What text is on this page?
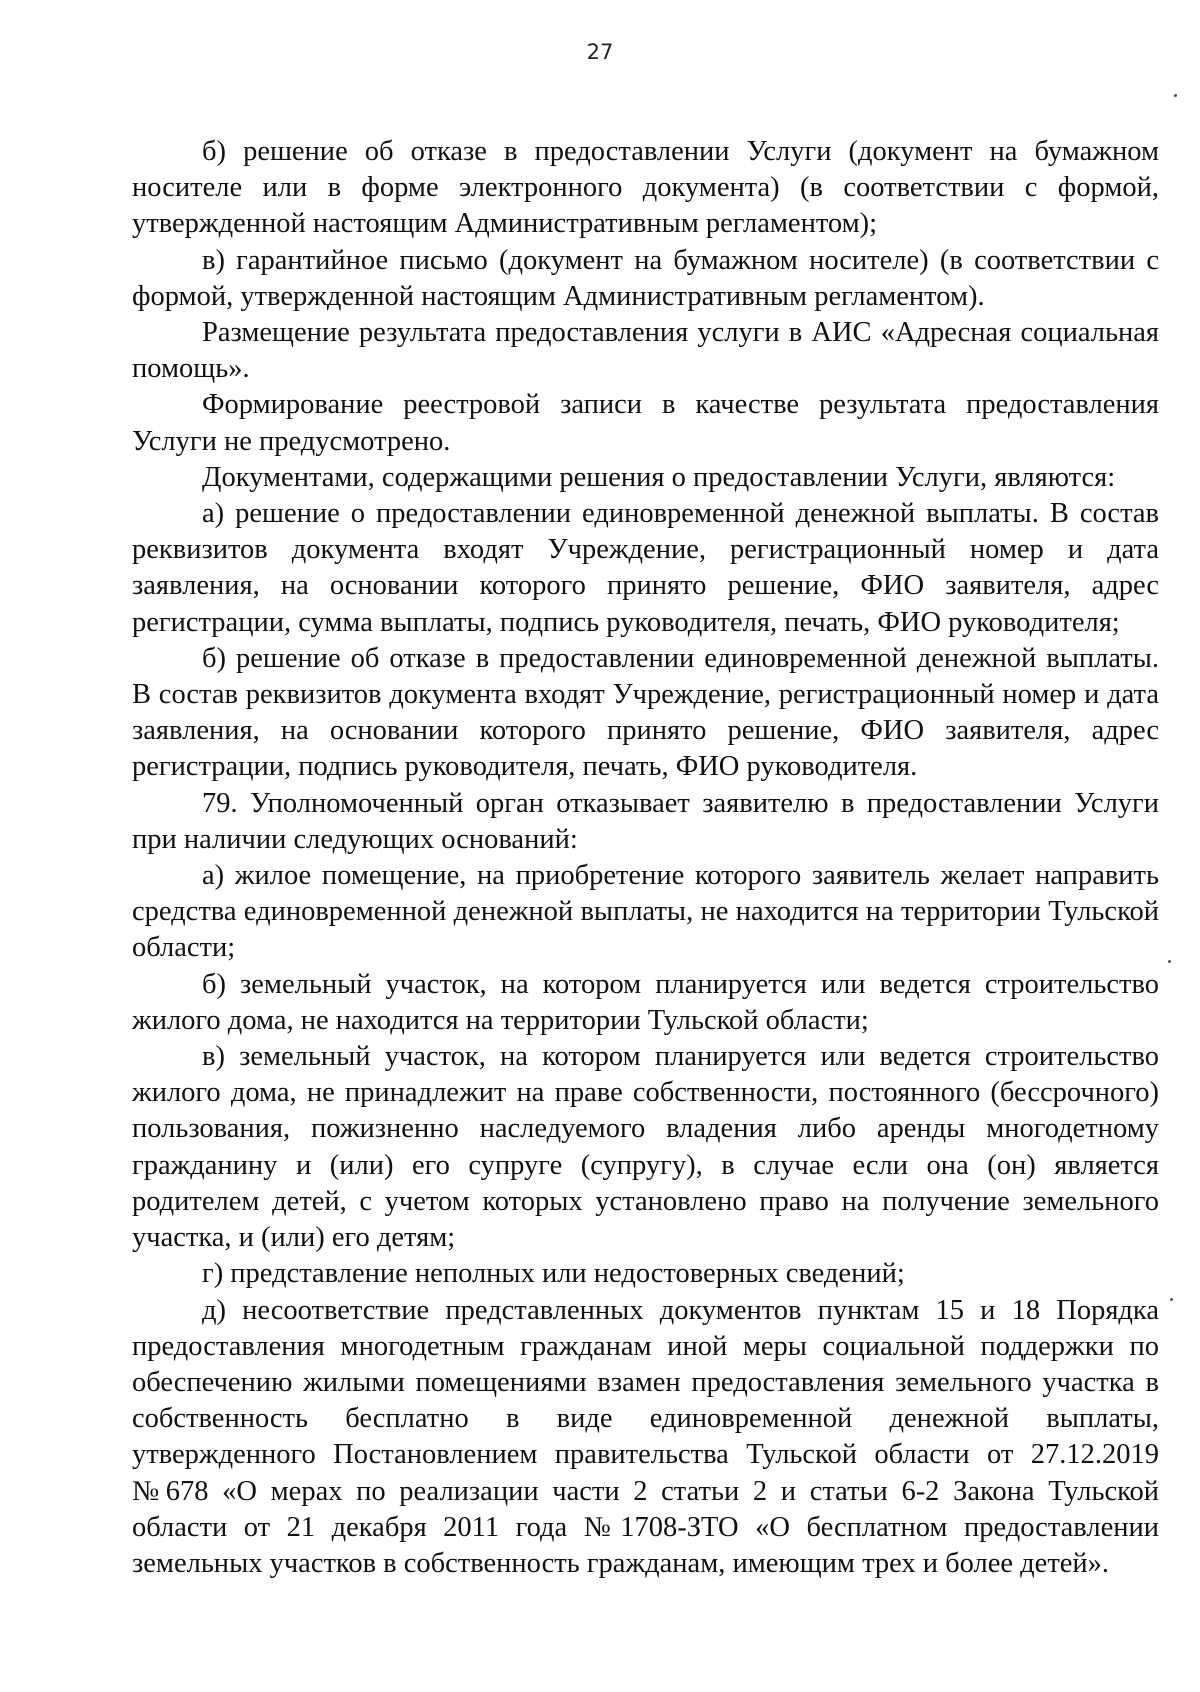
27

б) решение об отказе в предоставлении Услуги (документ на бумажном носителе или в форме электронного документа) (в соответствии с формой, утвержденной настоящим Административным регламентом);

в) гарантийное письмо (документ на бумажном носителе) (в соответствии с формой, утвержденной настоящим Административным регламентом).

Размещение результата предоставления услуги в АИС «Адресная социальная помощь».

Формирование реестровой записи в качестве результата предоставления Услуги не предусмотрено.

Документами, содержащими решения о предоставлении Услуги, являются:

а) решение о предоставлении единовременной денежной выплаты. В состав реквизитов документа входят Учреждение, регистрационный номер и дата заявления, на основании которого принято решение, ФИО заявителя, адрес регистрации, сумма выплаты, подпись руководителя, печать, ФИО руководителя;

б) решение об отказе в предоставлении единовременной денежной выплаты. В состав реквизитов документа входят Учреждение, регистрационный номер и дата заявления, на основании которого принято решение, ФИО заявителя, адрес регистрации, подпись руководителя, печать, ФИО руководителя.

79. Уполномоченный орган отказывает заявителю в предоставлении Услуги при наличии следующих оснований:

а) жилое помещение, на приобретение которого заявитель желает направить средства единовременной денежной выплаты, не находится на территории Тульской области;

б) земельный участок, на котором планируется или ведется строительство жилого дома, не находится на территории Тульской области;

в) земельный участок, на котором планируется или ведется строительство жилого дома, не принадлежит на праве собственности, постоянного (бессрочного) пользования, пожизненно наследуемого владения либо аренды многодетному гражданину и (или) его супруге (супругу), в случае если она (он) является родителем детей, с учетом которых установлено право на получение земельного участка, и (или) его детям;

г) представление неполных или недостоверных сведений;

д) несоответствие представленных документов пунктам 15 и 18 Порядка предоставления многодетным гражданам иной меры социальной поддержки по обеспечению жилыми помещениями взамен предоставления земельного участка в собственность бесплатно в виде единовременной денежной выплаты, утвержденного Постановлением правительства Тульской области от 27.12.2019 №678 «О мерах по реализации части 2 статьи 2 и статьи 6-2 Закона Тульской области от 21 декабря 2011 года №1708-ЗТО «О бесплатном предоставлении земельных участков в собственность гражданам, имеющим трех и более детей».
